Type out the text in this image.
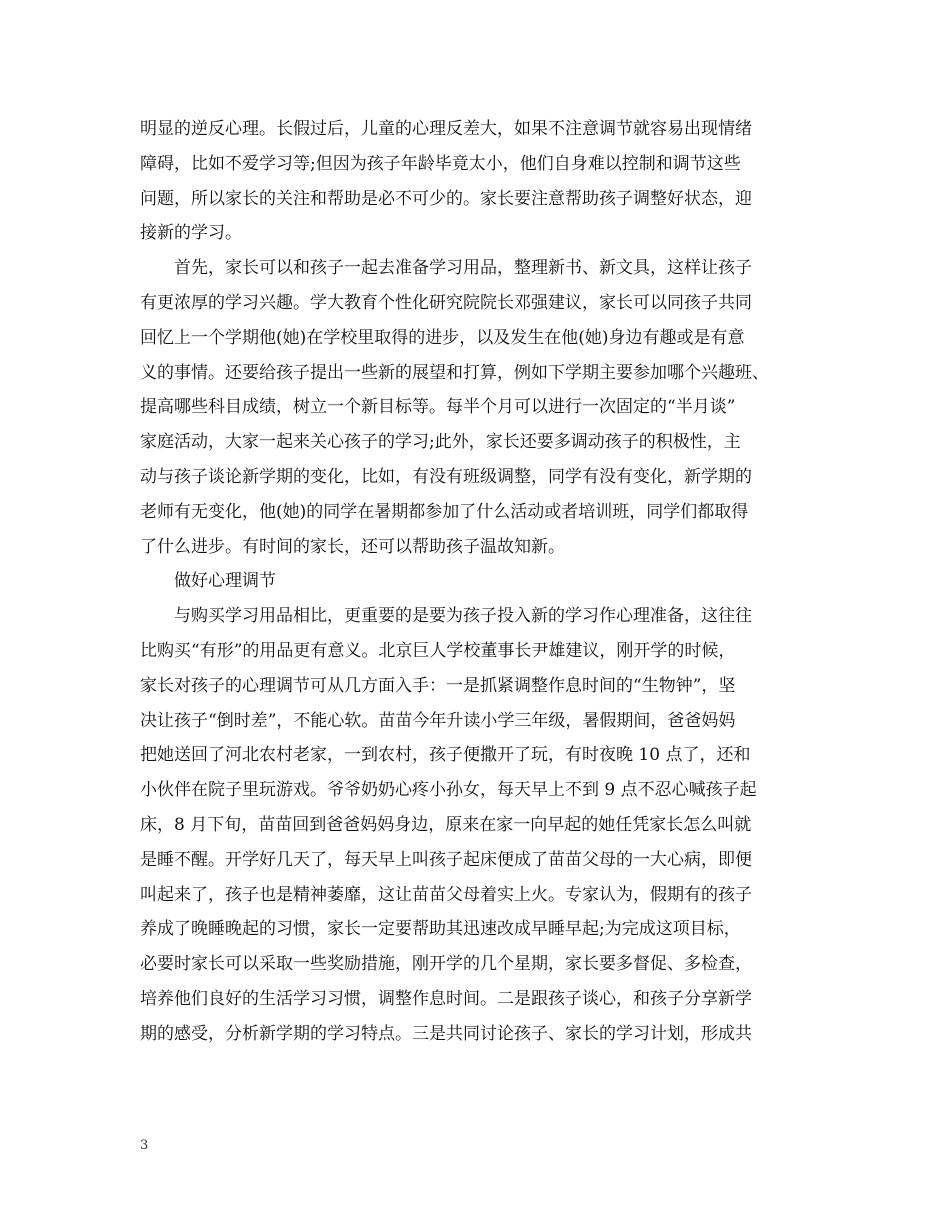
明显的逆反心理。长假过后，儿童的心理反差大，如果不注意调节就容易出现情绪
障碍，比如不爱学习等;但因为孩子年龄毕竟太小，他们自身难以控制和调节这些
问题，所以家长的关注和帮助是必不可少的。家长要注意帮助孩子调整好状态，迎
接新的学习。
首先，家长可以和孩子一起去准备学习用品，整理新书、新文具，这样让孩子
有更浓厚的学习兴趣。学大教育个性化研究院院长邓强建议，家长可以同孩子共同
回忆上一个学期他(她)在学校里取得的进步，以及发生在他(她)身边有趣或是有意
义的事情。还要给孩子提出一些新的展望和打算，例如下学期主要参加哪个兴趣班、
提高哪些科目成绩，树立一个新目标等。每半个月可以进行一次固定的“半月谈”
家庭活动，大家一起来关心孩子的学习;此外，家长还要多调动孩子的积极性，主
动与孩子谈论新学期的变化，比如，有没有班级调整，同学有没有变化，新学期的
老师有无变化，他(她)的同学在暑期都参加了什么活动或者培训班，同学们都取得
了什么进步。有时间的家长，还可以帮助孩子温故知新。
做好心理调节
与购买学习用品相比，更重要的是要为孩子投入新的学习作心理准备，这往往
比购买“有形”的用品更有意义。北京巨人学校董事长尹雄建议，刚开学的时候，
家长对孩子的心理调节可从几方面入手：一是抓紧调整作息时间的“生物钟”，坚
决让孩子“倒时差”，不能心软。苗苗今年升读小学三年级，暑假期间，爸爸妈妈
把她送回了河北农村老家，一到农村，孩子便撒开了玩，有时夜晚 10 点了，还和
小伙伴在院子里玩游戏。爷爷奶奶心疼小孙女，每天早上不到 9 点不忍心喊孩子起
床，8 月下旬，苗苗回到爸爸妈妈身边，原来在家一向早起的她任凭家长怎么叫就
是睡不醒。开学好几天了，每天早上叫孩子起床便成了苗苗父母的一大心病，即便
叫起来了，孩子也是精神萎靡，这让苗苗父母着实上火。专家认为，假期有的孩子
养成了晚睡晚起的习惯，家长一定要帮助其迅速改成早睡早起;为完成这项目标，
必要时家长可以采取一些奖励措施，刚开学的几个星期，家长要多督促、多检查，
培养他们良好的生活学习习惯，调整作息时间。二是跟孩子谈心，和孩子分享新学
期的感受，分析新学期的学习特点。三是共同讨论孩子、家长的学习计划，形成共
3
